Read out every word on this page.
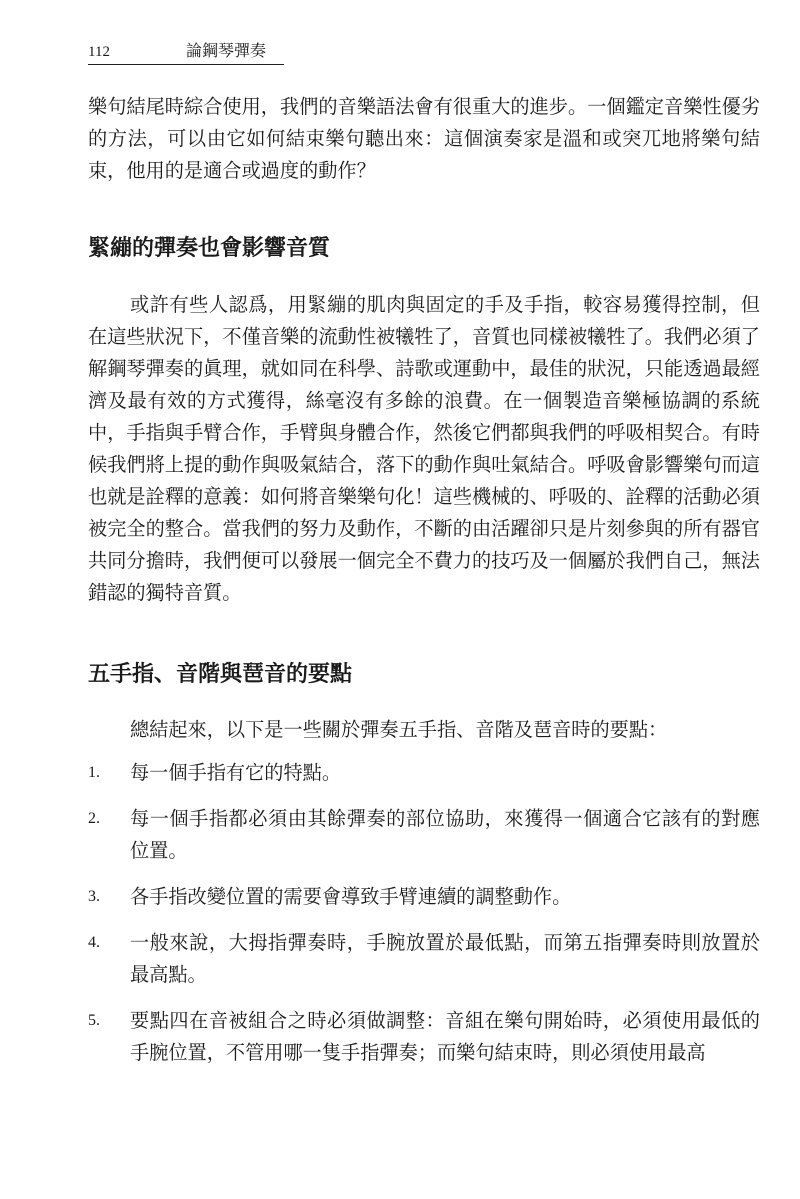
112	論鋼琴彈奏

樂句結尾時綜合使用，我們的音樂語法會有很重大的進步。一個鑑定音樂性優劣的方法，可以由它如何結束樂句聽出來：這個演奏家是溫和或突兀地將樂句結束，他用的是適合或過度的動作？

緊繃的彈奏也會影響音質

或許有些人認爲，用緊繃的肌肉與固定的手及手指，較容易獲得控制，但在這些狀況下，不僅音樂的流動性被犧牲了，音質也同樣被犧牲了。我們必須了解鋼琴彈奏的眞理，就如同在科學、詩歌或運動中，最佳的狀況，只能透過最經濟及最有效的方式獲得，絲毫沒有多餘的浪費。在一個製造音樂極協調的系統中，手指與手臂合作，手臂與身體合作，然後它們都與我們的呼吸相契合。有時候我們將上提的動作與吸氣結合，落下的動作與吐氣結合。呼吸會影響樂句而這也就是詮釋的意義：如何將音樂樂句化！這些機械的、呼吸的、詮釋的活動必須被完全的整合。當我們的努力及動作，不斷的由活躍卻只是片刻參與的所有器官共同分擔時，我們便可以發展一個完全不費力的技巧及一個屬於我們自己，無法錯認的獨特音質。

五手指、音階與琶音的要點

總結起來，以下是一些關於彈奏五手指、音階及琶音時的要點：

1. 每一個手指有它的特點。
2. 每一個手指都必須由其餘彈奏的部位協助，來獲得一個適合它該有的對應位置。
3. 各手指改變位置的需要會導致手臂連續的調整動作。
4. 一般來說，大拇指彈奏時，手腕放置於最低點，而第五指彈奏時則放置於最高點。
5. 要點四在音被組合之時必須做調整：音組在樂句開始時，必須使用最低的手腕位置，不管用哪一隻手指彈奏；而樂句結束時，則必須使用最高
